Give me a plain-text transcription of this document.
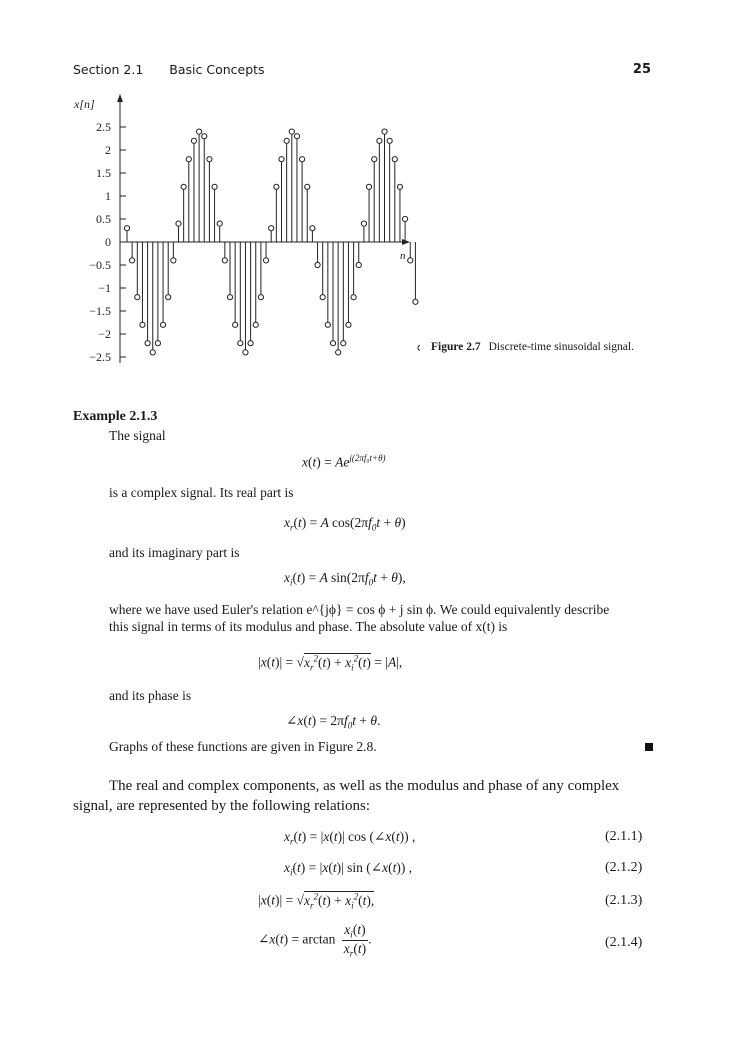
Section 2.1 Basic Concepts	25
x[n]
n
2.5
2
1.5
1
0.5
0
−0.5
−1
−1.5
−2
−2.5
Figure 2.7 Discrete-time sinusoidal signal.
Example 2.1.3
The signal
$x(t) = Ae^{j(2\pi f_0t+\theta)}$
is a complex signal. Its real part is
$x_r(t) = A$ $\cos(2\pi f_0t + \theta)$
and its imaginary part is
$x_i(t) = A$ $\sin(2\pi f_0t + \theta)$,
where we have used Euler's relation e^{jϕ} = cos ϕ + j sin ϕ. We could equivalently describe
this signal in terms of its modulus and phase. The absolute value of x(t) is
$|x(t)| = √x_r^2(t) + x_i^2(t) = |A|$,
and its phase is
∠x(t) = $2\pi f_0t + \theta$.
Graphs of these functions are given in Figure 2.8.
The real and complex components, as well as the modulus and phase of any complex
signal, are represented by the following relations:
$x_r(t) = |x(t)|$ cos (∠x(t)) ,	(2.1.1)
$x_i(t) = |x(t)|$ sin (∠x(t)) ,	(2.1.2)
$|x(t)| = √x_r^2(t) + x_i^2(t)$,	(2.1.3)
∠x(t) = $\arctan \frac{x_i(t)}{x_r(t)}$ .	(2.1.4)
